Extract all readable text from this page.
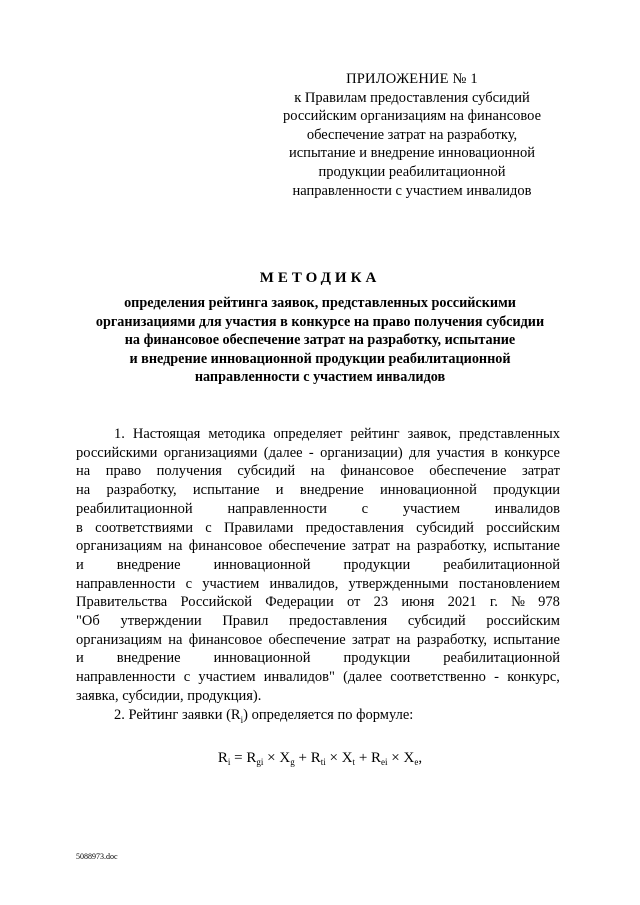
ПРИЛОЖЕНИЕ № 1
к Правилам предоставления субсидий
российским организациям на финансовое
обеспечение затрат на разработку,
испытание и внедрение инновационной
продукции реабилитационной
направленности с участием инвалидов
МЕТОДИКА
определения рейтинга заявок, представленных российскими
организациями для участия в конкурсе на право получения субсидии
на финансовое обеспечение затрат на разработку, испытание
и внедрение инновационной продукции реабилитационной
направленности с участием инвалидов
1. Настоящая методика определяет рейтинг заявок, представленных
российскими организациями (далее - организации) для участия в конкурсе
на право получения субсидий на финансовое обеспечение затрат
на разработку, испытание и внедрение инновационной продукции
реабилитационной направленности с участием инвалидов
в соответствиями с Правилами предоставления субсидий российским
организациям на финансовое обеспечение затрат на разработку, испытание
и внедрение инновационной продукции реабилитационной
направленности с участием инвалидов, утвержденными постановлением
Правительства Российской Федерации от 23 июня 2021 г. № 978
"Об утверждении Правил предоставления субсидий российским
организациям на финансовое обеспечение затрат на разработку, испытание
и внедрение инновационной продукции реабилитационной
направленности с участием инвалидов" (далее соответственно - конкурс,
заявка, субсидии, продукция).
2. Рейтинг заявки $(R_i)$ определяется по формуле:
$R_i = R_{gi} \times X_g + R_{ti} \times X_t + R_{ei} \times X_e$,
5088973.doc
